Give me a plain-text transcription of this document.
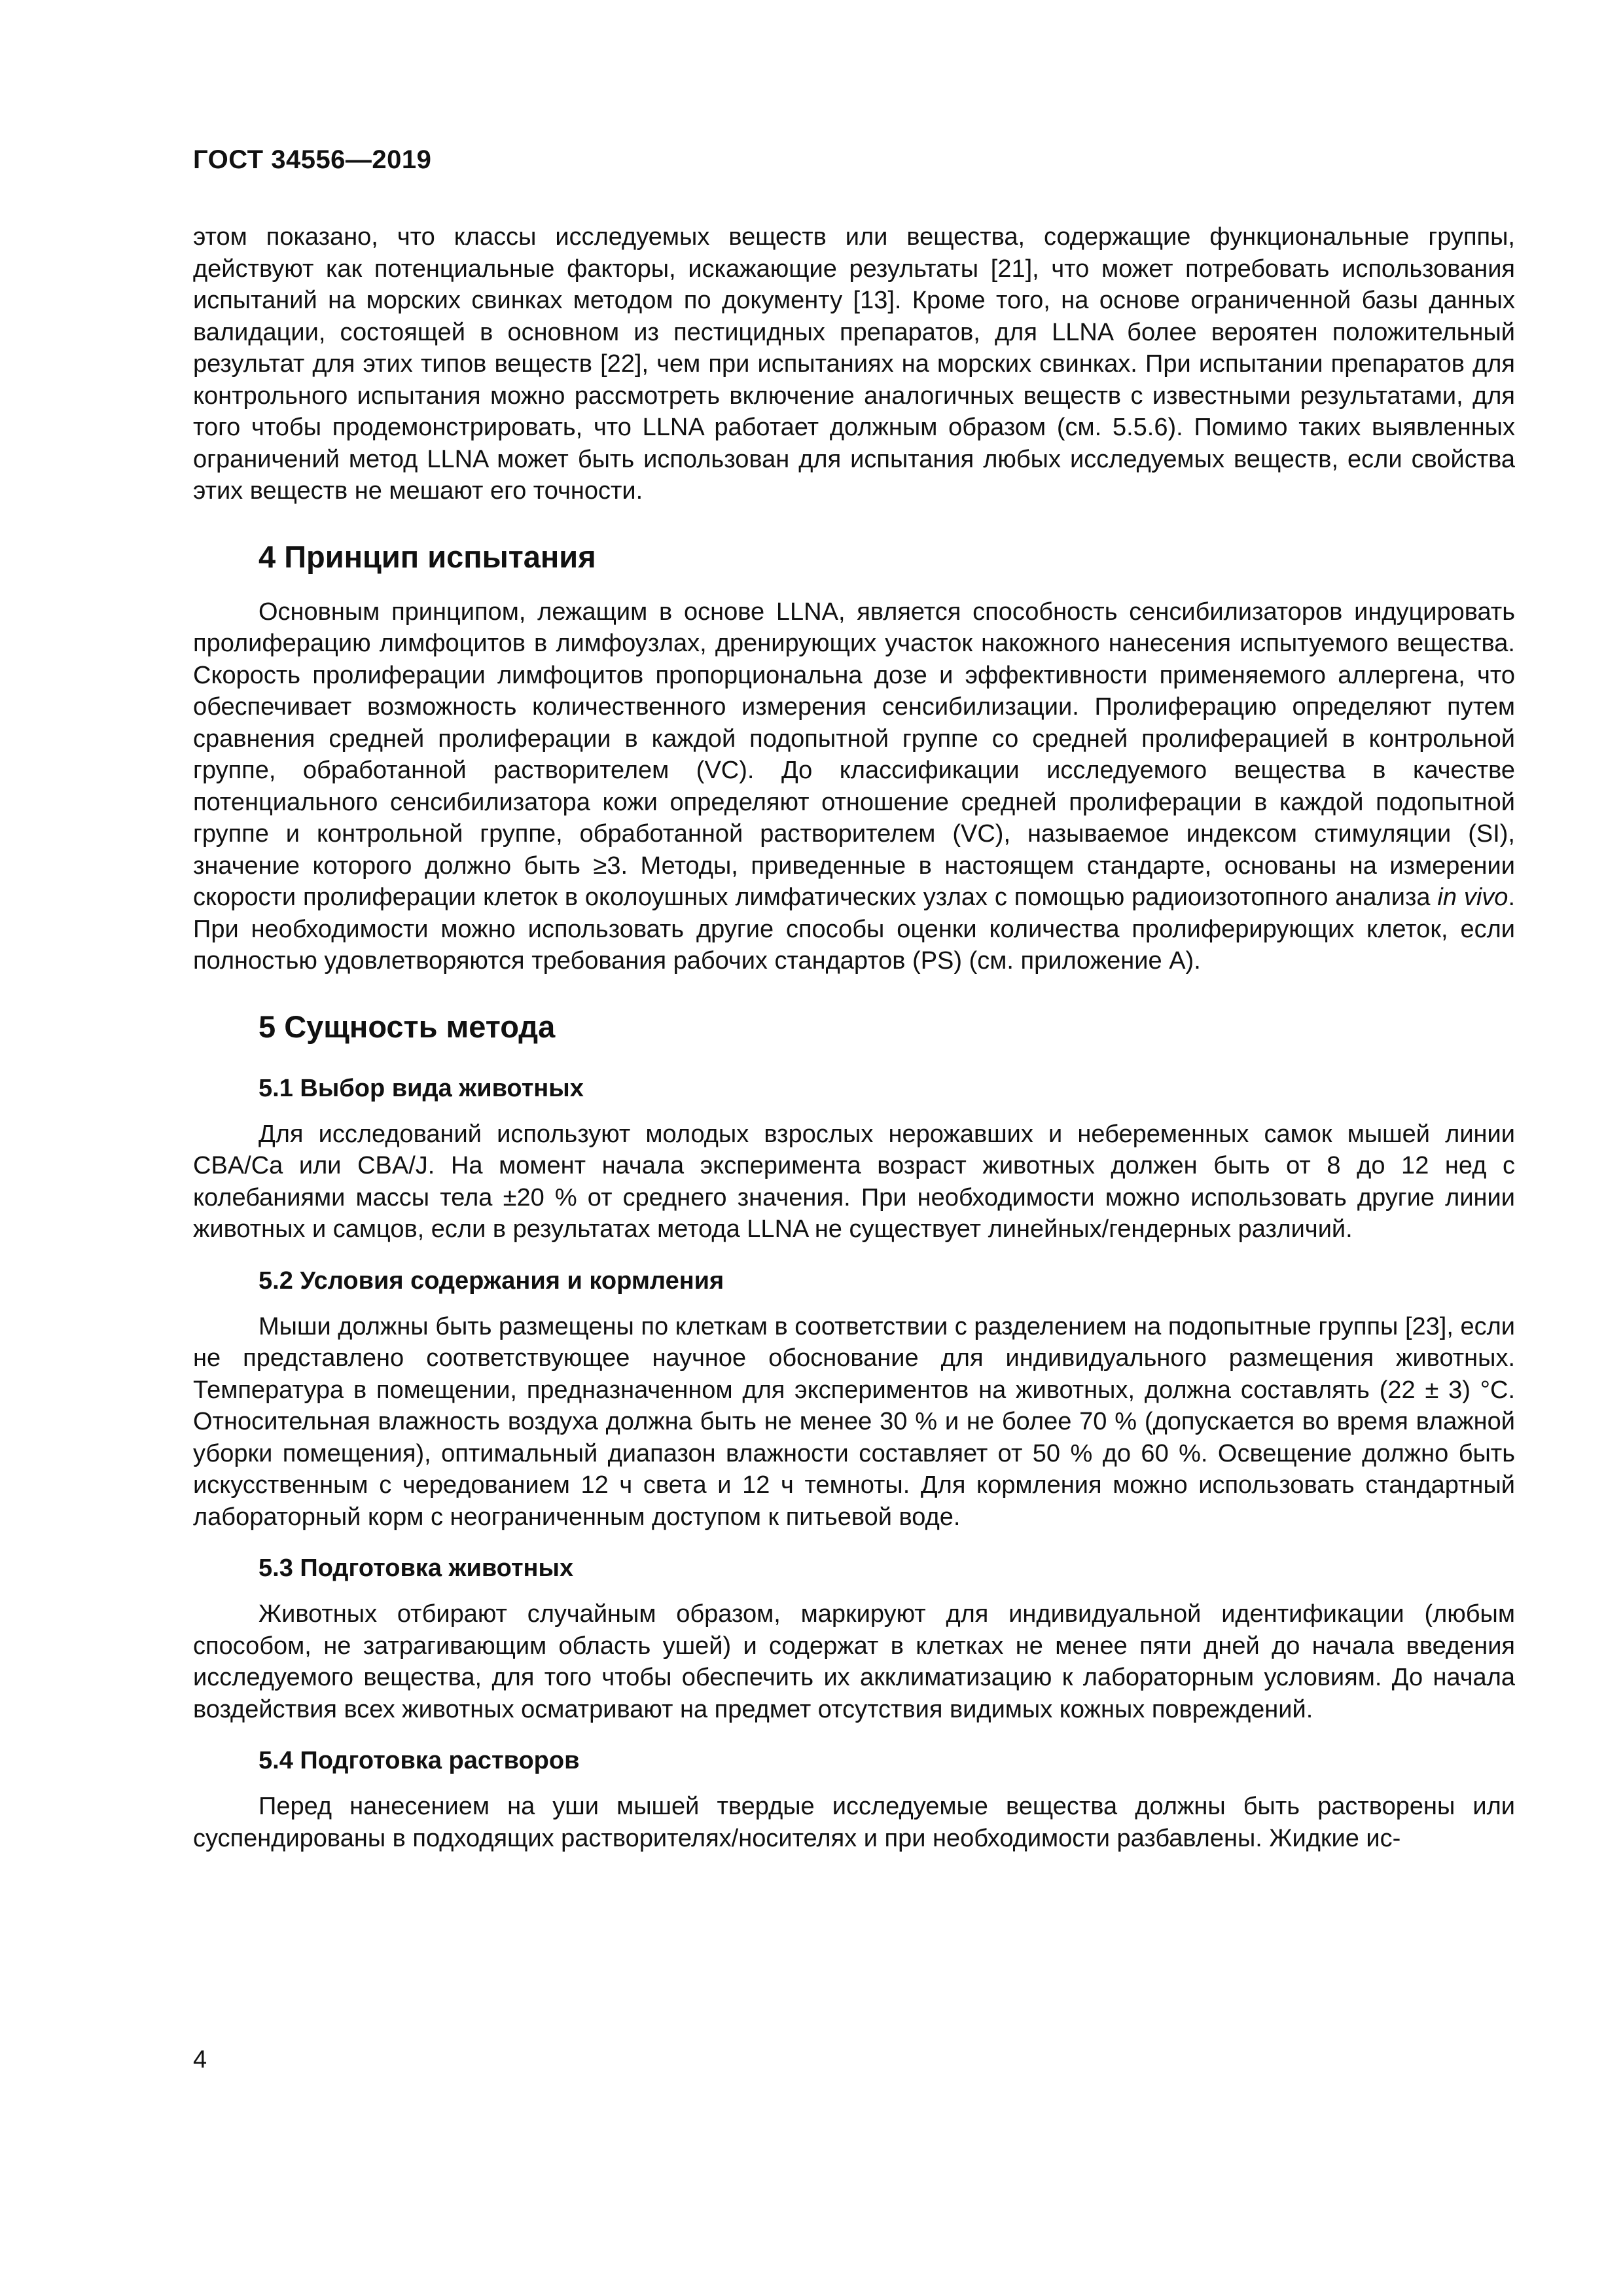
ГОСТ 34556—2019

этом показано, что классы исследуемых веществ или вещества, содержащие функциональные группы, действуют как потенциальные факторы, искажающие результаты [21], что может потребовать использования испытаний на морских свинках методом по документу [13]. Кроме того, на основе ограниченной базы данных валидации, состоящей в основном из пестицидных препаратов, для LLNA более вероятен положительный результат для этих типов веществ [22], чем при испытаниях на морских свинках. При испытании препаратов для контрольного испытания можно рассмотреть включение аналогичных веществ с известными результатами, для того чтобы продемонстрировать, что LLNA работает должным образом (см. 5.5.6). Помимо таких выявленных ограничений метод LLNA может быть использован для испытания любых исследуемых веществ, если свойства этих веществ не мешают его точности.

4 Принцип испытания

Основным принципом, лежащим в основе LLNA, является способность сенсибилизаторов индуцировать пролиферацию лимфоцитов в лимфоузлах, дренирующих участок накожного нанесения испытуемого вещества. Скорость пролиферации лимфоцитов пропорциональна дозе и эффективности применяемого аллергена, что обеспечивает возможность количественного измерения сенсибилизации. Пролиферацию определяют путем сравнения средней пролиферации в каждой подопытной группе со средней пролиферацией в контрольной группе, обработанной растворителем (VC). До классификации исследуемого вещества в качестве потенциального сенсибилизатора кожи определяют отношение средней пролиферации в каждой подопытной группе и контрольной группе, обработанной растворителем (VC), называемое индексом стимуляции (SI), значение которого должно быть ≥3. Методы, приведенные в настоящем стандарте, основаны на измерении скорости пролиферации клеток в околоушных лимфатических узлах с помощью радиоизотопного анализа in vivo. При необходимости можно использовать другие способы оценки количества пролиферирующих клеток, если полностью удовлетворяются требования рабочих стандартов (PS) (см. приложение А).

5 Сущность метода
5.1 Выбор вида животных

Для исследований используют молодых взрослых нерожавших и небеременных самок мышей линии CBA/Ca или CBA/J. На момент начала эксперимента возраст животных должен быть от 8 до 12 нед с колебаниями массы тела ±20 % от среднего значения. При необходимости можно использовать другие линии животных и самцов, если в результатах метода LLNA не существует линейных/гендерных различий.

5.2 Условия содержания и кормления

Мыши должны быть размещены по клеткам в соответствии с разделением на подопытные группы [23], если не представлено соответствующее научное обоснование для индивидуального размещения животных. Температура в помещении, предназначенном для экспериментов на животных, должна составлять (22 ± 3) °С. Относительная влажность воздуха должна быть не менее 30 % и не более 70 % (допускается во время влажной уборки помещения), оптимальный диапазон влажности составляет от 50 % до 60 %. Освещение должно быть искусственным с чередованием 12 ч света и 12 ч темноты. Для кормления можно использовать стандартный лабораторный корм с неограниченным доступом к питьевой воде.

5.3 Подготовка животных

Животных отбирают случайным образом, маркируют для индивидуальной идентификации (любым способом, не затрагивающим область ушей) и содержат в клетках не менее пяти дней до начала введения исследуемого вещества, для того чтобы обеспечить их акклиматизацию к лабораторным условиям. До начала воздействия всех животных осматривают на предмет отсутствия видимых кожных повреждений.

5.4 Подготовка растворов

Перед нанесением на уши мышей твердые исследуемые вещества должны быть растворены или суспендированы в подходящих растворителях/носителях и при необходимости разбавлены. Жидкие ис-

4
